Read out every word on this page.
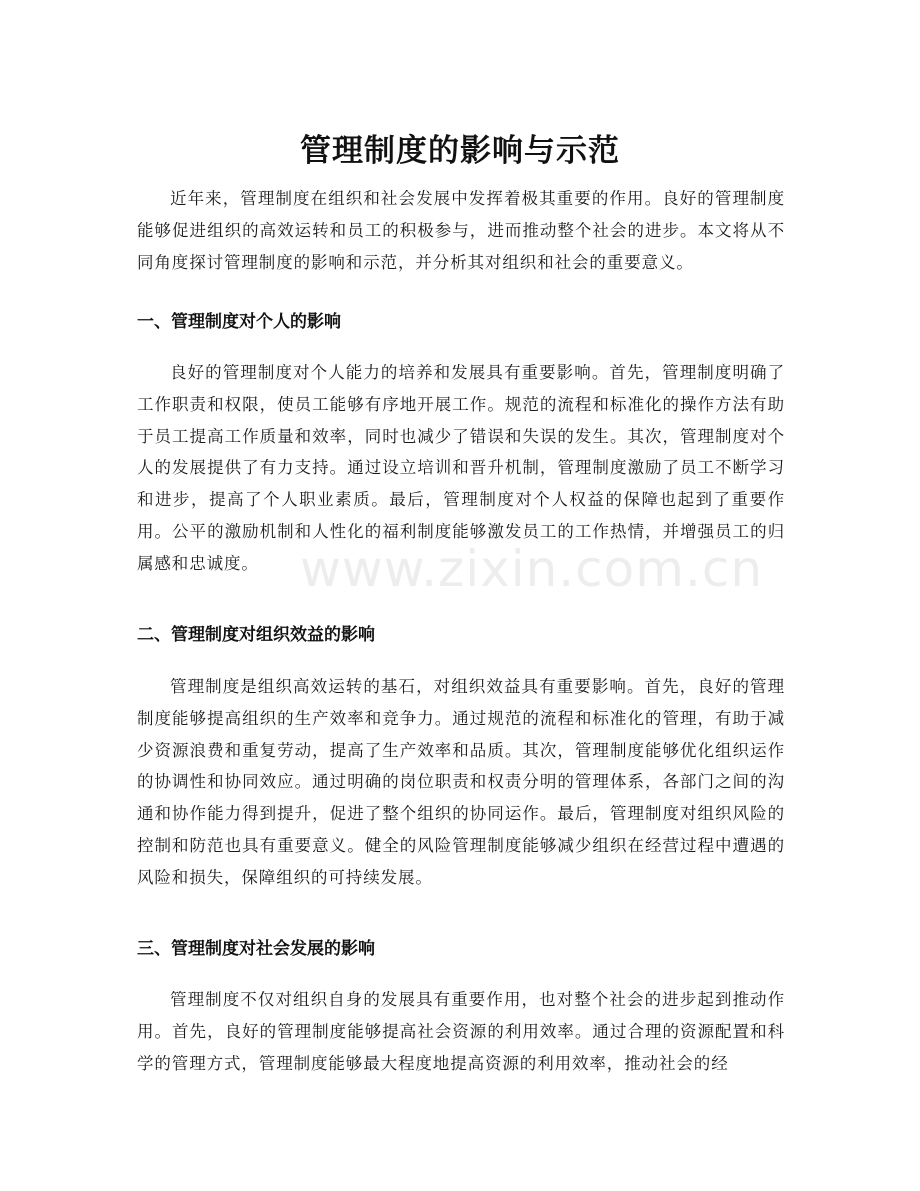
管理制度的影响与示范

近年来，管理制度在组织和社会发展中发挥着极其重要的作用。良好的管理制度能够促进组织的高效运转和员工的积极参与，进而推动整个社会的进步。本文将从不同角度探讨管理制度的影响和示范，并分析其对组织和社会的重要意义。

一、管理制度对个人的影响

良好的管理制度对个人能力的培养和发展具有重要影响。首先，管理制度明确了工作职责和权限，使员工能够有序地开展工作。规范的流程和标准化的操作方法有助于员工提高工作质量和效率，同时也减少了错误和失误的发生。其次，管理制度对个人的发展提供了有力支持。通过设立培训和晋升机制，管理制度激励了员工不断学习和进步，提高了个人职业素质。最后，管理制度对个人权益的保障也起到了重要作用。公平的激励机制和人性化的福利制度能够激发员工的工作热情，并增强员工的归属感和忠诚度。

二、管理制度对组织效益的影响

管理制度是组织高效运转的基石，对组织效益具有重要影响。首先，良好的管理制度能够提高组织的生产效率和竞争力。通过规范的流程和标准化的管理，有助于减少资源浪费和重复劳动，提高了生产效率和品质。其次，管理制度能够优化组织运作的协调性和协同效应。通过明确的岗位职责和权责分明的管理体系，各部门之间的沟通和协作能力得到提升，促进了整个组织的协同运作。最后，管理制度对组织风险的控制和防范也具有重要意义。健全的风险管理制度能够减少组织在经营过程中遭遇的风险和损失，保障组织的可持续发展。

三、管理制度对社会发展的影响

管理制度不仅对组织自身的发展具有重要作用，也对整个社会的进步起到推动作用。首先，良好的管理制度能够提高社会资源的利用效率。通过合理的资源配置和科学的管理方式，管理制度能够最大程度地提高资源的利用效率，推动社会的经

www.zixin.com.cn
